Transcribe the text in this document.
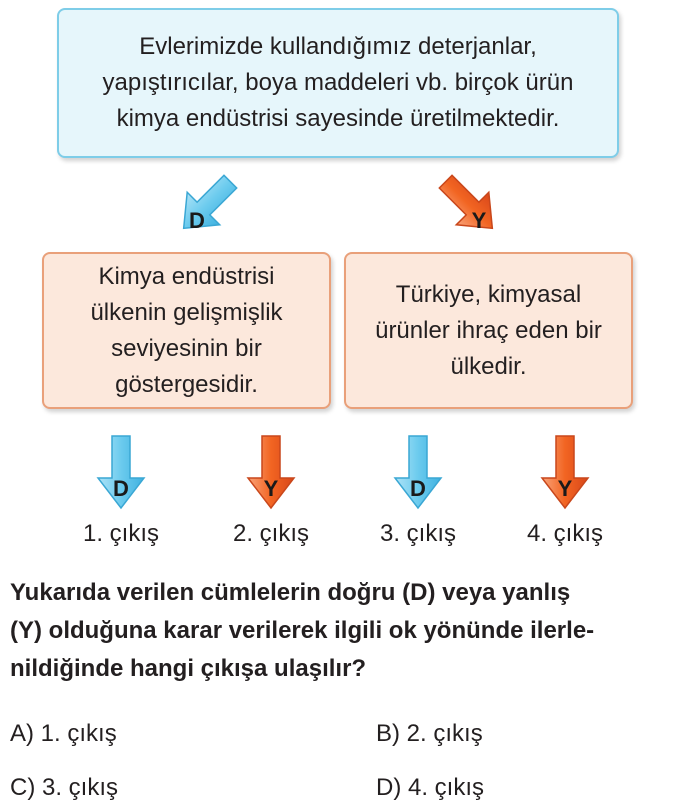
Evlerimizde kullandığımız deterjanlar,
yapıştırıcılar, boya maddeleri vb. birçok ürün
kimya endüstrisi sayesinde üretilmektedir.
D	Y
Kimya endüstrisi
ülkenin gelişmişlik
seviyesinin bir
göstergesidir.
Türkiye, kimyasal
ürünler ihraç eden bir
ülkedir.
D	Y	D	Y
1. çıkış	2. çıkış	3. çıkış	4. çıkış
Yukarıda verilen cümlelerin doğru (D) veya yanlış
(Y) olduğuna karar verilerek ilgili ok yönünde ilerle-
nildiğinde hangi çıkışa ulaşılır?
A) 1. çıkış	B) 2. çıkış
C) 3. çıkış	D) 4. çıkış
